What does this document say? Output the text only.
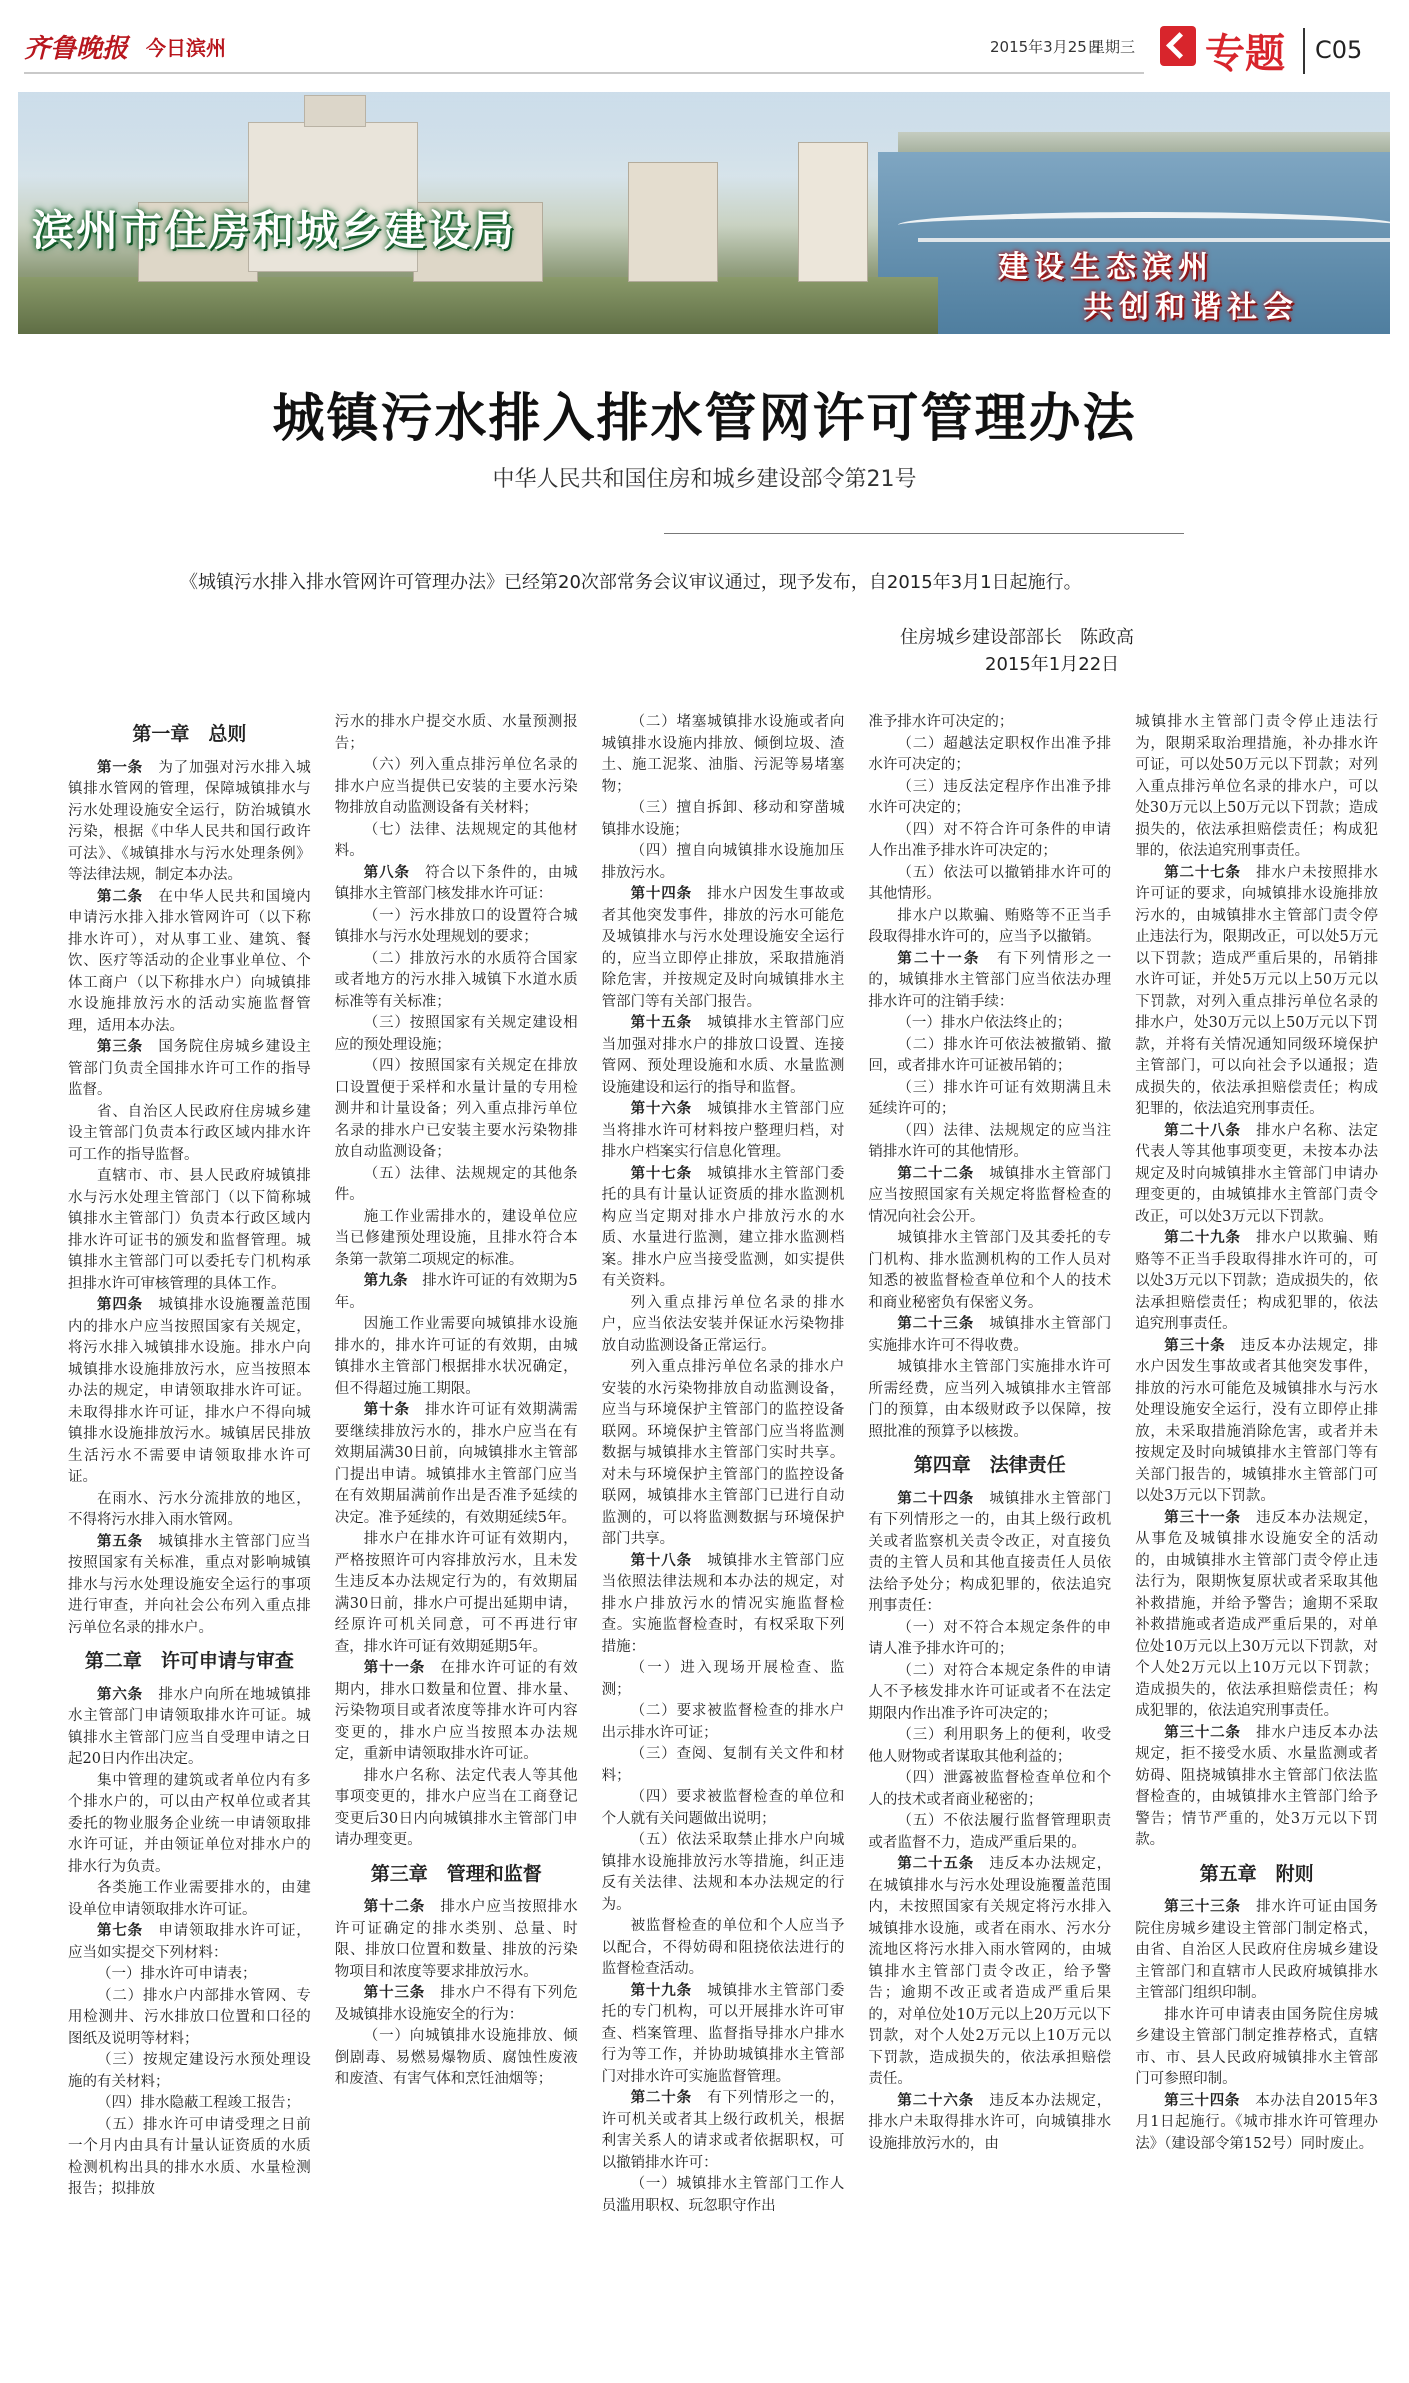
齐鲁晚报 今日滨州	2015年3月25日
星期三 专题 C05
滨州市住房和城乡建设局
建设生态滨州
共创和谐社会
城镇污水排入排水管网许可管理办法
中华人民共和国住房和城乡建设部令第21号

《城镇污水排入排水管网许可管理办法》已经第20次部常务会议审议通过，现予发布，自2015年3月1日起施行。

住房城乡建设部部长　陈政高
2015年1月22日
第一章　总则

第一条　为了加强对污水排入城镇排水管网的管理，保障城镇排水与污水处理设施安全运行，防治城镇水污染，根据《中华人民共和国行政许可法》、《城镇排水与污水处理条例》等法律法规，制定本办法。

第二条　在中华人民共和国境内申请污水排入排水管网许可（以下称排水许可），对从事工业、建筑、餐饮、医疗等活动的企业事业单位、个体工商户（以下称排水户）向城镇排水设施排放污水的活动实施监督管理，适用本办法。

第三条　国务院住房城乡建设主管部门负责全国排水许可工作的指导监督。

省、自治区人民政府住房城乡建设主管部门负责本行政区域内排水许可工作的指导监督。

直辖市、市、县人民政府城镇排水与污水处理主管部门（以下简称城镇排水主管部门）负责本行政区域内排水许可证书的颁发和监督管理。城镇排水主管部门可以委托专门机构承担排水许可审核管理的具体工作。

第四条　城镇排水设施覆盖范围内的排水户应当按照国家有关规定，将污水排入城镇排水设施。排水户向城镇排水设施排放污水，应当按照本办法的规定，申请领取排水许可证。未取得排水许可证，排水户不得向城镇排水设施排放污水。城镇居民排放生活污水不需要申请领取排水许可证。

在雨水、污水分流排放的地区，不得将污水排入雨水管网。

第五条　城镇排水主管部门应当按照国家有关标准，重点对影响城镇排水与污水处理设施安全运行的事项进行审查，并向社会公布列入重点排污单位名录的排水户。

第二章　许可申请与审查

第六条　排水户向所在地城镇排水主管部门申请领取排水许可证。城镇排水主管部门应当自受理申请之日起20日内作出决定。

集中管理的建筑或者单位内有多个排水户的，可以由产权单位或者其委托的物业服务企业统一申请领取排水许可证，并由领证单位对排水户的排水行为负责。

各类施工作业需要排水的，由建设单位申请领取排水许可证。

第七条　申请领取排水许可证，应当如实提交下列材料：

（一）排水许可申请表；

（二）排水户内部排水管网、专用检测井、污水排放口位置和口径的图纸及说明等材料；

（三）按规定建设污水预处理设施的有关材料；

（四）排水隐蔽工程竣工报告；

（五）排水许可申请受理之日前一个月内由具有计量认证资质的水质检测机构出具的排水水质、水量检测报告；拟排放

污水的排水户提交水质、水量预测报告；

（六）列入重点排污单位名录的排水户应当提供已安装的主要水污染物排放自动监测设备有关材料；

（七）法律、法规规定的其他材料。

第八条　符合以下条件的，由城镇排水主管部门核发排水许可证：

（一）污水排放口的设置符合城镇排水与污水处理规划的要求；

（二）排放污水的水质符合国家或者地方的污水排入城镇下水道水质标准等有关标准；

（三）按照国家有关规定建设相应的预处理设施；

（四）按照国家有关规定在排放口设置便于采样和水量计量的专用检测井和计量设备；列入重点排污单位名录的排水户已安装主要水污染物排放自动监测设备；

（五）法律、法规规定的其他条件。

施工作业需排水的，建设单位应当已修建预处理设施，且排水符合本条第一款第二项规定的标准。

第九条　排水许可证的有效期为5年。

因施工作业需要向城镇排水设施排水的，排水许可证的有效期，由城镇排水主管部门根据排水状况确定，但不得超过施工期限。

第十条　排水许可证有效期满需要继续排放污水的，排水户应当在有效期届满30日前，向城镇排水主管部门提出申请。城镇排水主管部门应当在有效期届满前作出是否准予延续的决定。准予延续的，有效期延续5年。

排水户在排水许可证有效期内，严格按照许可内容排放污水，且未发生违反本办法规定行为的，有效期届满30日前，排水户可提出延期申请，经原许可机关同意，可不再进行审查，排水许可证有效期延期5年。

第十一条　在排水许可证的有效期内，排水口数量和位置、排水量、污染物项目或者浓度等排水许可内容变更的，排水户应当按照本办法规定，重新申请领取排水许可证。

排水户名称、法定代表人等其他事项变更的，排水户应当在工商登记变更后30日内向城镇排水主管部门申请办理变更。

第三章　管理和监督

第十二条　排水户应当按照排水许可证确定的排水类别、总量、时限、排放口位置和数量、排放的污染物项目和浓度等要求排放污水。

第十三条　排水户不得有下列危及城镇排水设施安全的行为：

（一）向城镇排水设施排放、倾倒剧毒、易燃易爆物质、腐蚀性废液和废渣、有害气体和烹饪油烟等；

（二）堵塞城镇排水设施或者向城镇排水设施内排放、倾倒垃圾、渣土、施工泥浆、油脂、污泥等易堵塞物；

（三）擅自拆卸、移动和穿凿城镇排水设施；

（四）擅自向城镇排水设施加压排放污水。

第十四条　排水户因发生事故或者其他突发事件，排放的污水可能危及城镇排水与污水处理设施安全运行的，应当立即停止排放，采取措施消除危害，并按规定及时向城镇排水主管部门等有关部门报告。

第十五条　城镇排水主管部门应当加强对排水户的排放口设置、连接管网、预处理设施和水质、水量监测设施建设和运行的指导和监督。

第十六条　城镇排水主管部门应当将排水许可材料按户整理归档，对排水户档案实行信息化管理。

第十七条　城镇排水主管部门委托的具有计量认证资质的排水监测机构应当定期对排水户排放污水的水质、水量进行监测，建立排水监测档案。排水户应当接受监测，如实提供有关资料。

列入重点排污单位名录的排水户，应当依法安装并保证水污染物排放自动监测设备正常运行。

列入重点排污单位名录的排水户安装的水污染物排放自动监测设备，应当与环境保护主管部门的监控设备联网。环境保护主管部门应当将监测数据与城镇排水主管部门实时共享。对未与环境保护主管部门的监控设备联网，城镇排水主管部门已进行自动监测的，可以将监测数据与环境保护部门共享。

第十八条　城镇排水主管部门应当依照法律法规和本办法的规定，对排水户排放污水的情况实施监督检查。实施监督检查时，有权采取下列措施：

（一）进入现场开展检查、监测；

（二）要求被监督检查的排水户出示排水许可证；

（三）查阅、复制有关文件和材料；

（四）要求被监督检查的单位和个人就有关问题做出说明；

（五）依法采取禁止排水户向城镇排水设施排放污水等措施，纠正违反有关法律、法规和本办法规定的行为。

被监督检查的单位和个人应当予以配合，不得妨碍和阻挠依法进行的监督检查活动。

第十九条　城镇排水主管部门委托的专门机构，可以开展排水许可审查、档案管理、监督指导排水户排水行为等工作，并协助城镇排水主管部门对排水许可实施监督管理。

第二十条　有下列情形之一的，许可机关或者其上级行政机关，根据利害关系人的请求或者依据职权，可以撤销排水许可：

（一）城镇排水主管部门工作人员滥用职权、玩忽职守作出

准予排水许可决定的；

（二）超越法定职权作出准予排水许可决定的；

（三）违反法定程序作出准予排水许可决定的；

（四）对不符合许可条件的申请人作出准予排水许可决定的；

（五）依法可以撤销排水许可的其他情形。

排水户以欺骗、贿赂等不正当手段取得排水许可的，应当予以撤销。

第二十一条　有下列情形之一的，城镇排水主管部门应当依法办理排水许可的注销手续：

（一）排水户依法终止的；

（二）排水许可依法被撤销、撤回，或者排水许可证被吊销的；

（三）排水许可证有效期满且未延续许可的；

（四）法律、法规规定的应当注销排水许可的其他情形。

第二十二条　城镇排水主管部门应当按照国家有关规定将监督检查的情况向社会公开。

城镇排水主管部门及其委托的专门机构、排水监测机构的工作人员对知悉的被监督检查单位和个人的技术和商业秘密负有保密义务。

第二十三条　城镇排水主管部门实施排水许可不得收费。

城镇排水主管部门实施排水许可所需经费，应当列入城镇排水主管部门的预算，由本级财政予以保障，按照批准的预算予以核拨。

第四章　法律责任

第二十四条　城镇排水主管部门有下列情形之一的，由其上级行政机关或者监察机关责令改正，对直接负责的主管人员和其他直接责任人员依法给予处分；构成犯罪的，依法追究刑事责任：

（一）对不符合本规定条件的申请人准予排水许可的；

（二）对符合本规定条件的申请人不予核发排水许可证或者不在法定期限内作出准予许可决定的；

（三）利用职务上的便利，收受他人财物或者谋取其他利益的；

（四）泄露被监督检查单位和个人的技术或者商业秘密的；

（五）不依法履行监督管理职责或者监督不力，造成严重后果的。

第二十五条　违反本办法规定，在城镇排水与污水处理设施覆盖范围内，未按照国家有关规定将污水排入城镇排水设施，或者在雨水、污水分流地区将污水排入雨水管网的，由城镇排水主管部门责令改正，给予警告；逾期不改正或者造成严重后果的，对单位处10万元以上20万元以下罚款，对个人处2万元以上10万元以下罚款，造成损失的，依法承担赔偿责任。

第二十六条　违反本办法规定，排水户未取得排水许可，向城镇排水设施排放污水的，由

城镇排水主管部门责令停止违法行为，限期采取治理措施，补办排水许可证，可以处50万元以下罚款；对列入重点排污单位名录的排水户，可以处30万元以上50万元以下罚款；造成损失的，依法承担赔偿责任；构成犯罪的，依法追究刑事责任。

第二十七条　排水户未按照排水许可证的要求，向城镇排水设施排放污水的，由城镇排水主管部门责令停止违法行为，限期改正，可以处5万元以下罚款；造成严重后果的，吊销排水许可证，并处5万元以上50万元以下罚款，对列入重点排污单位名录的排水户，处30万元以上50万元以下罚款，并将有关情况通知同级环境保护主管部门，可以向社会予以通报；造成损失的，依法承担赔偿责任；构成犯罪的，依法追究刑事责任。

第二十八条　排水户名称、法定代表人等其他事项变更，未按本办法规定及时向城镇排水主管部门申请办理变更的，由城镇排水主管部门责令改正，可以处3万元以下罚款。

第二十九条　排水户以欺骗、贿赂等不正当手段取得排水许可的，可以处3万元以下罚款；造成损失的，依法承担赔偿责任；构成犯罪的，依法追究刑事责任。

第三十条　违反本办法规定，排水户因发生事故或者其他突发事件，排放的污水可能危及城镇排水与污水处理设施安全运行，没有立即停止排放，未采取措施消除危害，或者并未按规定及时向城镇排水主管部门等有关部门报告的，城镇排水主管部门可以处3万元以下罚款。

第三十一条　违反本办法规定，从事危及城镇排水设施安全的活动的，由城镇排水主管部门责令停止违法行为，限期恢复原状或者采取其他补救措施，并给予警告；逾期不采取补救措施或者造成严重后果的，对单位处10万元以上30万元以下罚款，对个人处2万元以上10万元以下罚款；造成损失的，依法承担赔偿责任；构成犯罪的，依法追究刑事责任。

第三十二条　排水户违反本办法规定，拒不接受水质、水量监测或者妨碍、阻挠城镇排水主管部门依法监督检查的，由城镇排水主管部门给予警告；情节严重的，处3万元以下罚款。

第五章　附则

第三十三条　排水许可证由国务院住房城乡建设主管部门制定格式，由省、自治区人民政府住房城乡建设主管部门和直辖市人民政府城镇排水主管部门组织印制。

排水许可申请表由国务院住房城乡建设主管部门制定推荐格式，直辖市、市、县人民政府城镇排水主管部门可参照印制。

第三十四条　本办法自2015年3月1日起施行。《城市排水许可管理办法》（建设部令第152号）同时废止。
